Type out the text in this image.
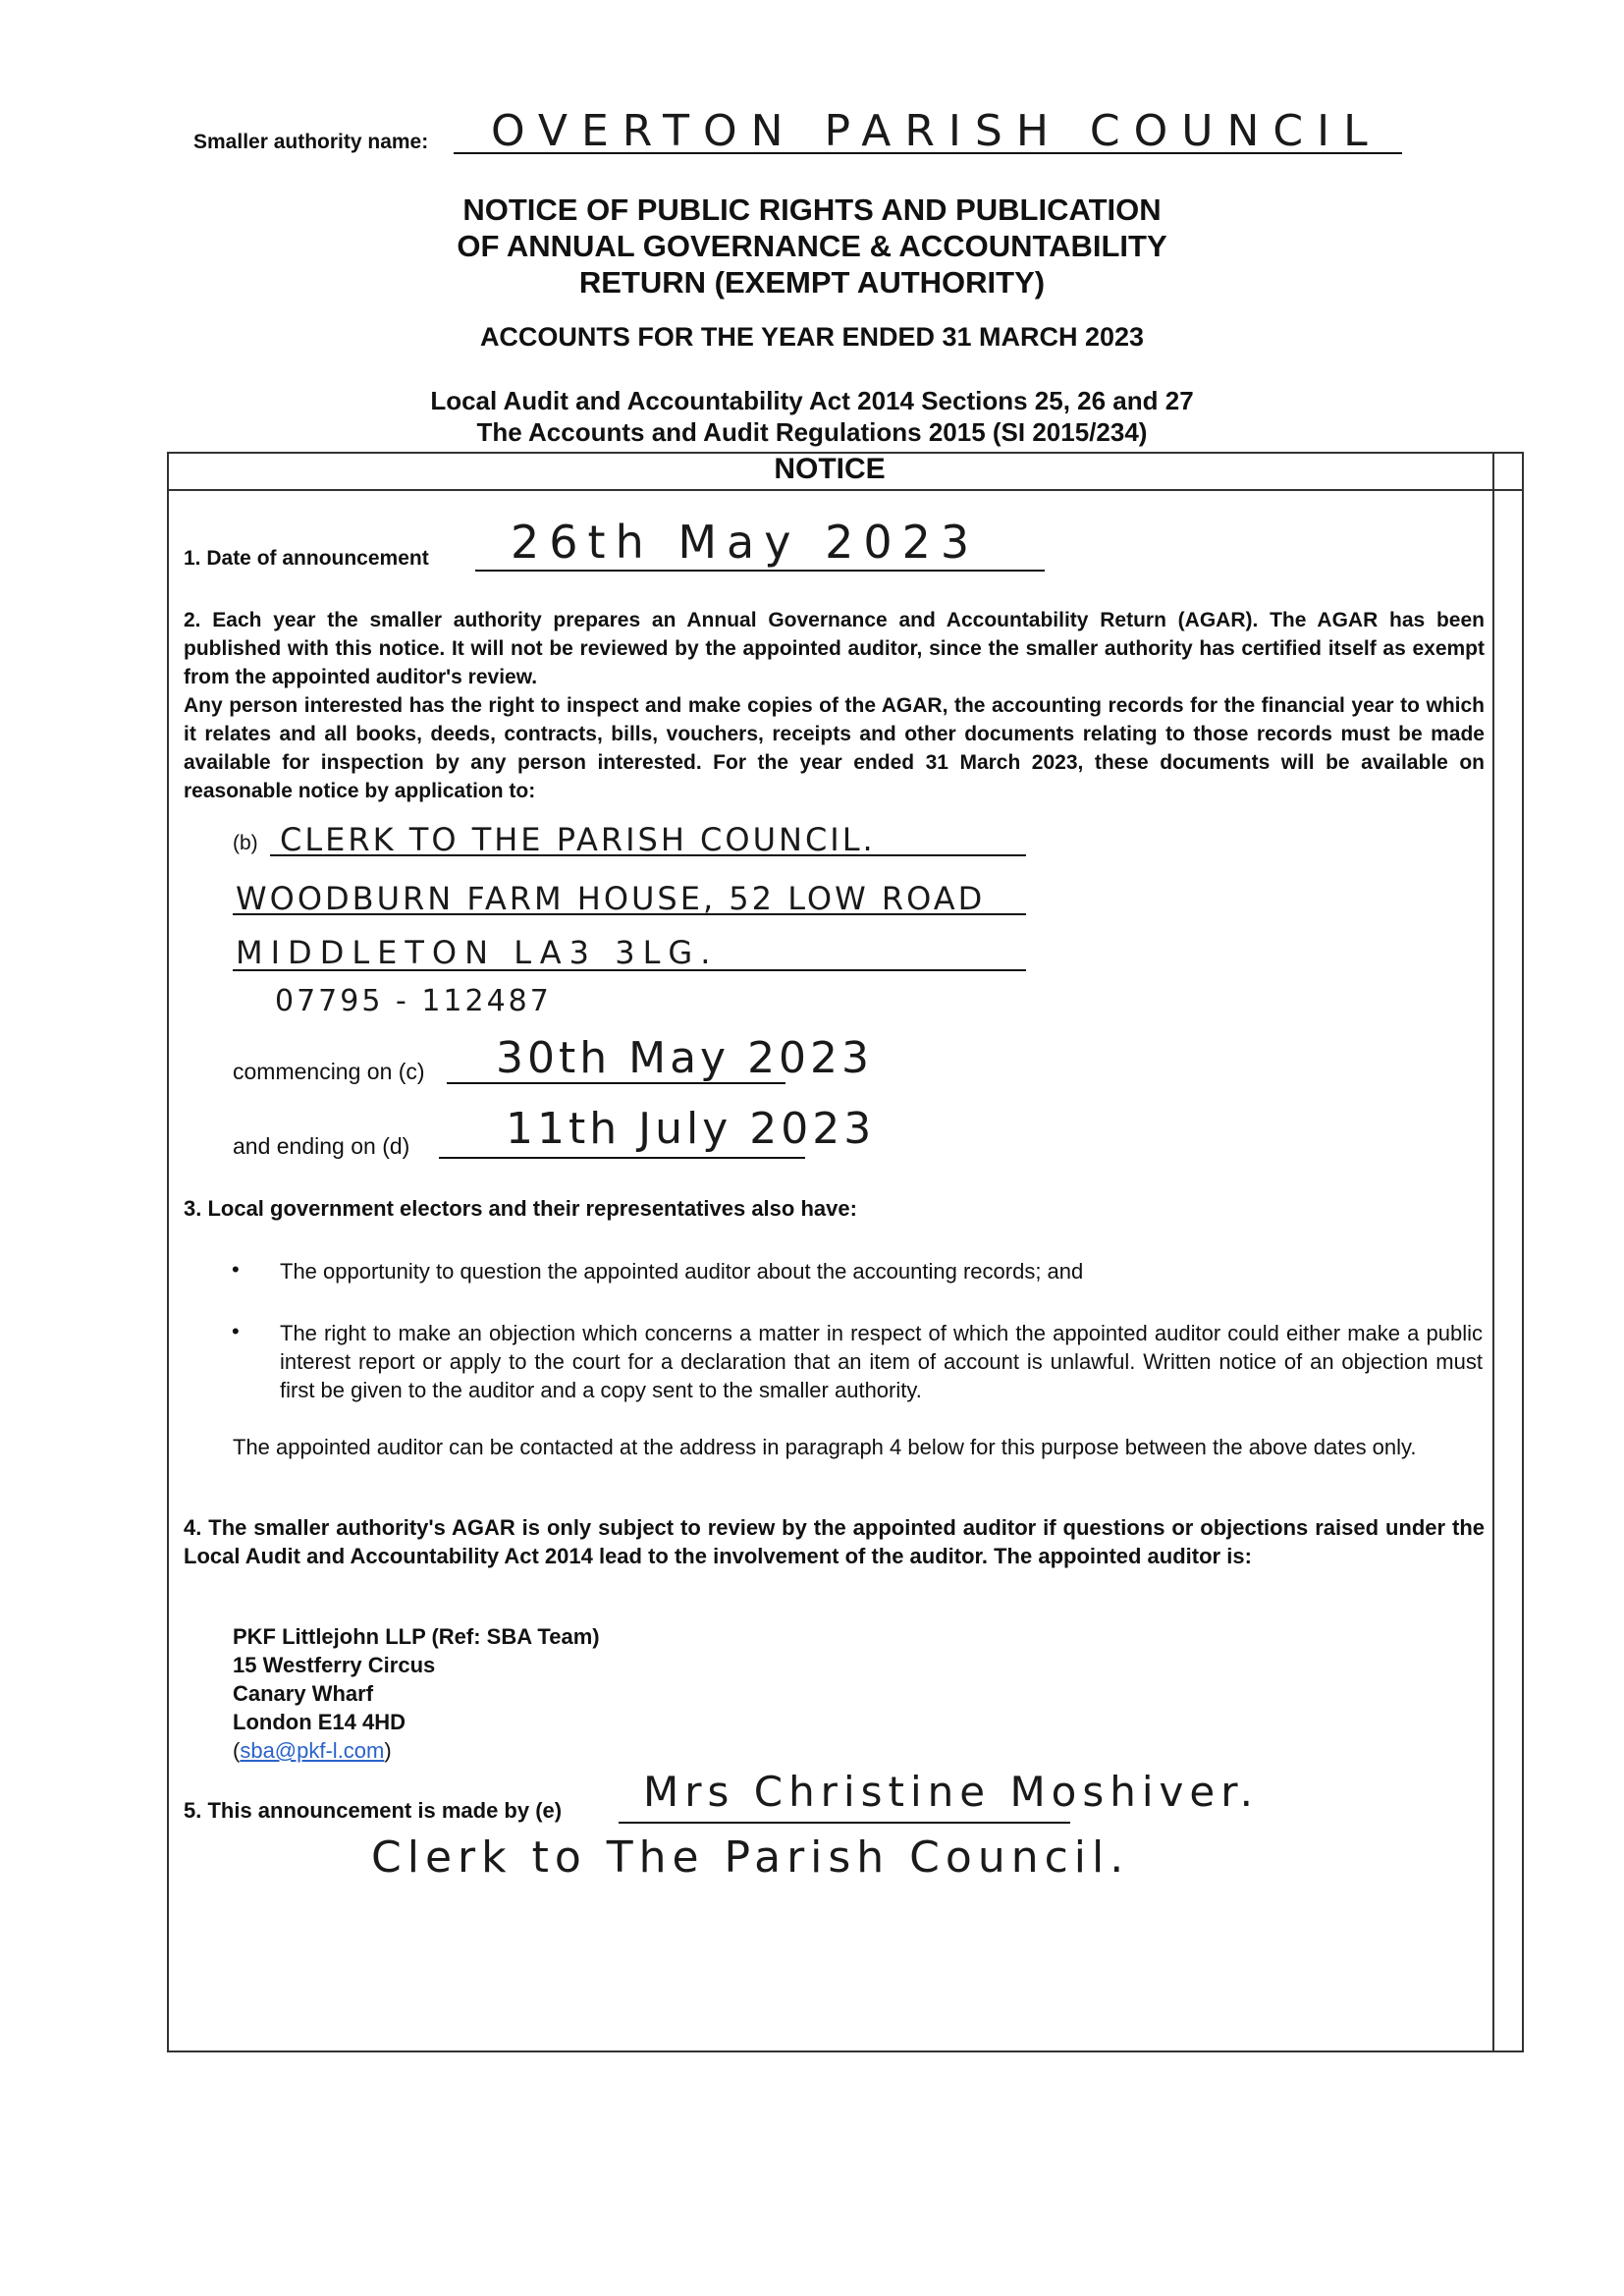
Smaller authority name: OVERTON PARISH COUNCIL
NOTICE OF PUBLIC RIGHTS AND PUBLICATION
OF ANNUAL GOVERNANCE & ACCOUNTABILITY
RETURN (EXEMPT AUTHORITY)
ACCOUNTS FOR THE YEAR ENDED 31 MARCH 2023
Local Audit and Accountability Act 2014 Sections 25, 26 and 27
The Accounts and Audit Regulations 2015 (SI 2015/234)
NOTICE
1. Date of announcement 26th May 2023
2. Each year the smaller authority prepares an Annual Governance and Accountability Return (AGAR). The AGAR has been published with this notice. It will not be reviewed by the appointed auditor, since the smaller authority has certified itself as exempt from the appointed auditor's review.
Any person interested has the right to inspect and make copies of the AGAR, the accounting records for the financial year to which it relates and all books, deeds, contracts, bills, vouchers, receipts and other documents relating to those records must be made available for inspection by any person interested. For the year ended 31 March 2023, these documents will be available on reasonable notice by application to:
(b) CLERK TO THE PARISH COUNCIL.
WOODBURN FARM HOUSE, 52 LOW ROAD
MIDDLETON LA3 3LG.
07795 - 112487
commencing on (c) 30th May 2023
and ending on (d) 11th July 2023
3. Local government electors and their representatives also have:
• The opportunity to question the appointed auditor about the accounting records; and
• The right to make an objection which concerns a matter in respect of which the appointed auditor could either make a public interest report or apply to the court for a declaration that an item of account is unlawful. Written notice of an objection must first be given to the auditor and a copy sent to the smaller authority.
The appointed auditor can be contacted at the address in paragraph 4 below for this purpose between the above dates only.
4. The smaller authority's AGAR is only subject to review by the appointed auditor if questions or objections raised under the Local Audit and Accountability Act 2014 lead to the involvement of the auditor. The appointed auditor is:
PKF Littlejohn LLP (Ref: SBA Team)
15 Westferry Circus
Canary Wharf
London E14 4HD
(sba@pkf-l.com)
5. This announcement is made by (e) Mrs Christine Moshiver.
Clerk to The Parish Council.
